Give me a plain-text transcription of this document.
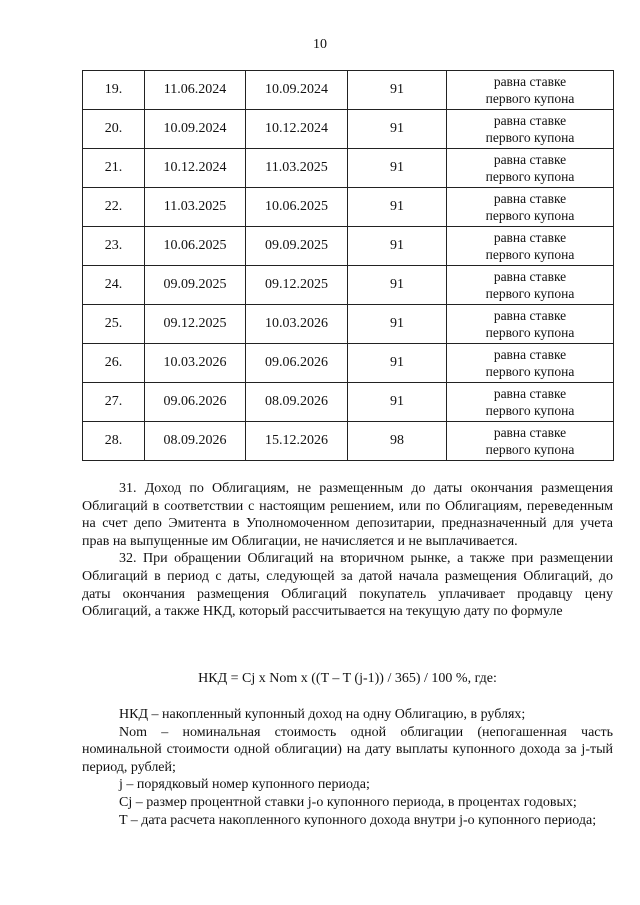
10
19.	11.06.2024	10.09.2024	91	равна ставке
первого купона

20.	10.09.2024	10.12.2024	91	равна ставке
первого купона

21.	10.12.2024	11.03.2025	91	равна ставке
первого купона

22.	11.03.2025	10.06.2025	91	равна ставке
первого купона

23.	10.06.2025	09.09.2025	91	равна ставке
первого купона

24.	09.09.2025	09.12.2025	91	равна ставке
первого купона

25.	09.12.2025	10.03.2026	91	равна ставке
первого купона

26.	10.03.2026	09.06.2026	91	равна ставке
первого купона

27.	09.06.2026	08.09.2026	91	равна ставке
первого купона

28.	08.09.2026	15.12.2026	98	равна ставке
первого купона

31. Доход по Облигациям, не размещенным до даты окончания размещения Облигаций в соответствии с настоящим решением, или по Облигациям, переведенным на счет депо Эмитента в Уполномоченном депозитарии, предназначенный для учета прав на выпущенные им Облигации, не начисляется и не выплачивается.

32. При обращении Облигаций на вторичном рынке, а также при размещении Облигаций в период с даты, следующей за датой начала размещения Облигаций, до даты окончания размещения Облигаций покупатель уплачивает продавцу цену Облигаций, а также НКД, который рассчитывается на текущую дату по формуле

НКД = Cj x Nom x ((T – T (j-1)) / 365) / 100 %, где:

НКД – накопленный купонный доход на одну Облигацию, в рублях;

Nom – номинальная стоимость одной облигации (непогашенная часть номинальной стоимости одной облигации) на дату выплаты купонного дохода за j-тый период, рублей;

j – порядковый номер купонного периода;

Cj – размер процентной ставки j-о купонного периода, в процентах годовых;

T – дата расчета накопленного купонного дохода внутри j-о купонного периода;
